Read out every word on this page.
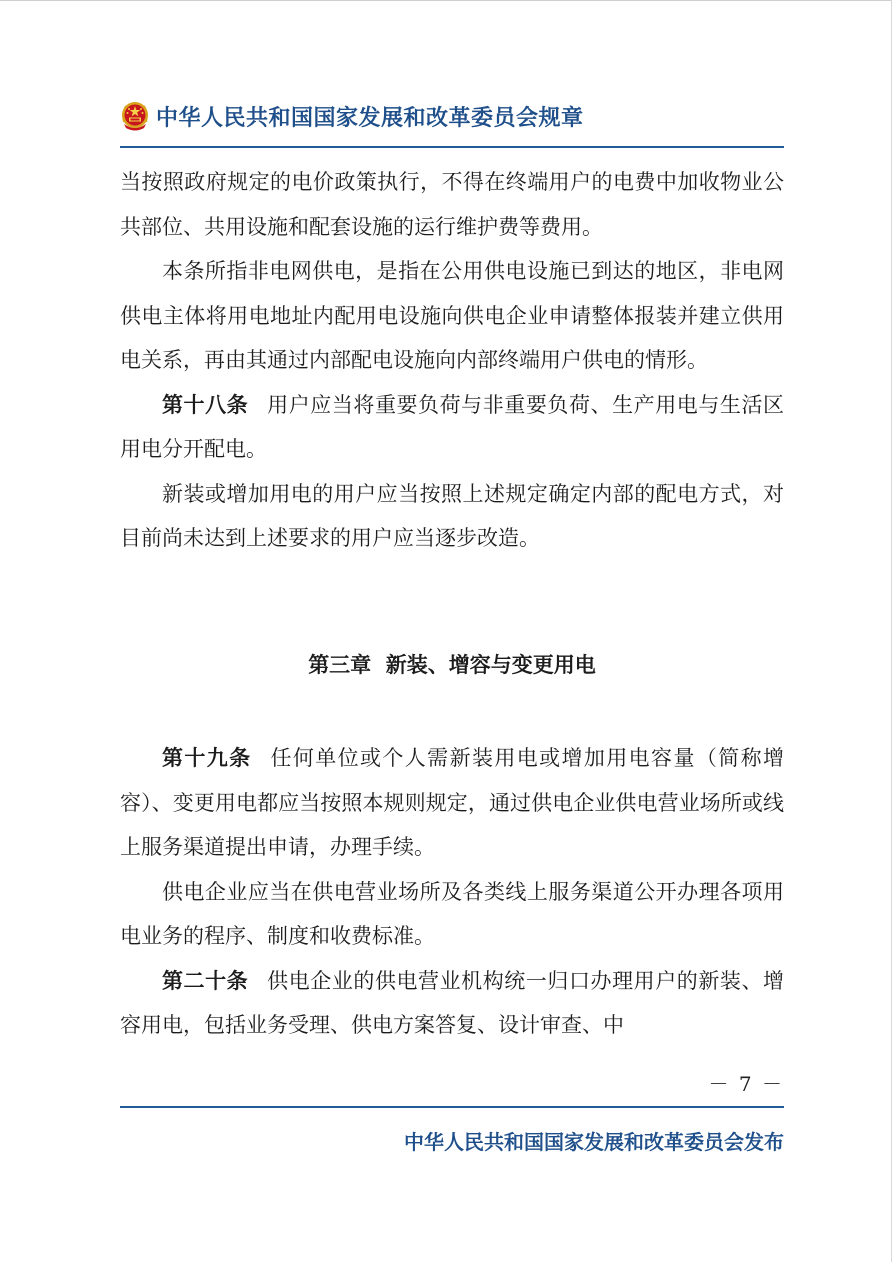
中华人民共和国国家发展和改革委员会规章

当按照政府规定的电价政策执行，不得在终端用户的电费中加收物业公共部位、共用设施和配套设施的运行维护费等费用。

本条所指非电网供电，是指在公用供电设施已到达的地区，非电网供电主体将用电地址内配用电设施向供电企业申请整体报装并建立供用电关系，再由其通过内部配电设施向内部终端用户供电的情形。

第十八条 用户应当将重要负荷与非重要负荷、生产用电与生活区用电分开配电。

新装或增加用电的用户应当按照上述规定确定内部的配电方式，对目前尚未达到上述要求的用户应当逐步改造。

第三章  新装、增容与变更用电

第十九条 任何单位或个人需新装用电或增加用电容量（简称增容）、变更用电都应当按照本规则规定，通过供电企业供电营业场所或线上服务渠道提出申请，办理手续。

供电企业应当在供电营业场所及各类线上服务渠道公开办理各项用电业务的程序、制度和收费标准。

第二十条 供电企业的供电营业机构统一归口办理用户的新装、增容用电，包括业务受理、供电方案答复、设计审查、中

－ 7 －
中华人民共和国国家发展和改革委员会发布
